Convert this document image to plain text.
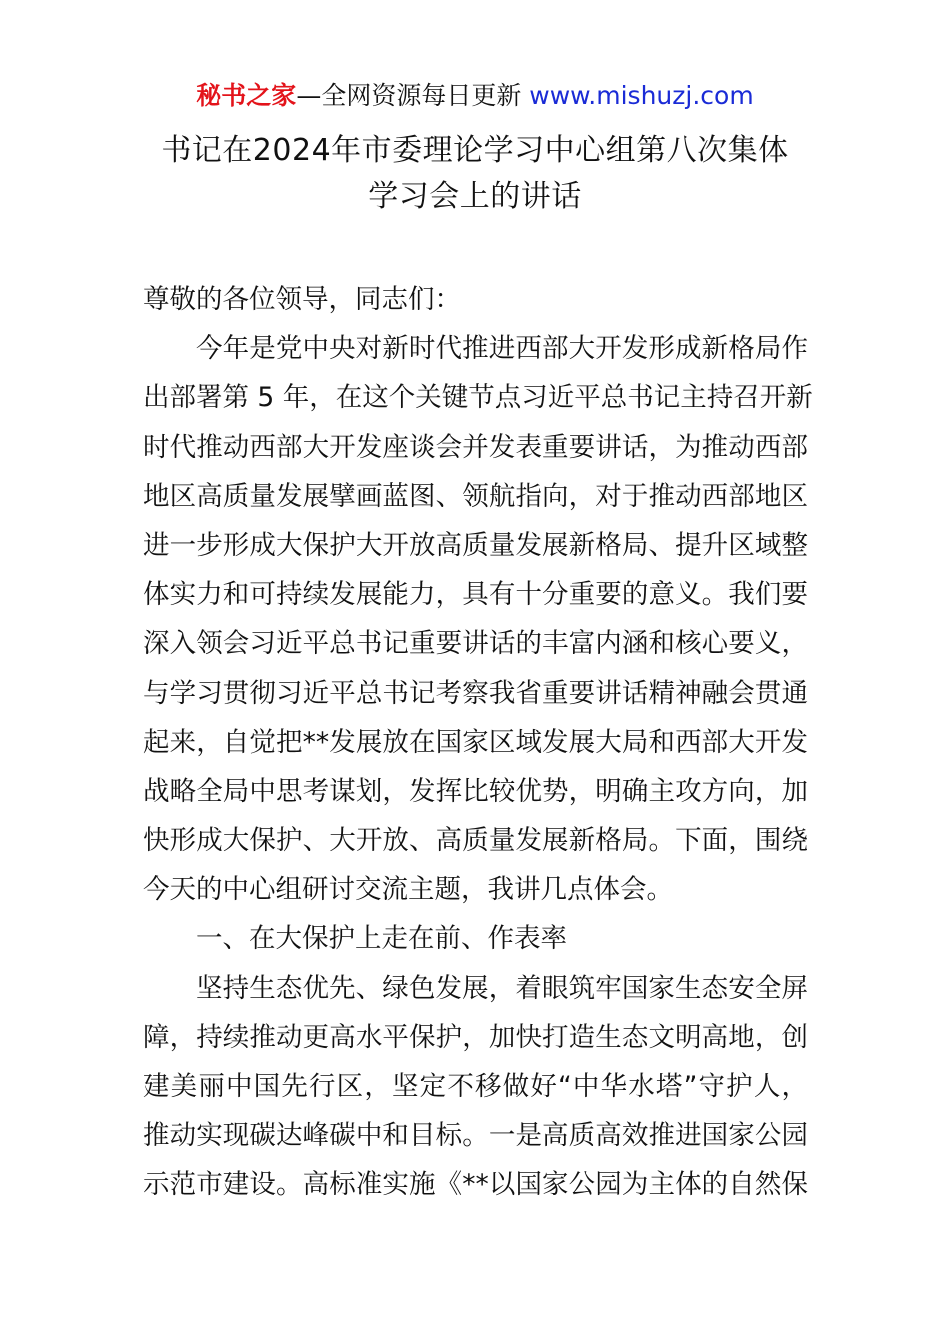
秘书之家—全网资源每日更新 www.mishuzj.com
书记在2024年市委理论学习中心组第八次集体
学习会上的讲话
尊敬的各位领导，同志们：
今年是党中央对新时代推进西部大开发形成新格局作
出部署第 5 年，在这个关键节点习近平总书记主持召开新
时代推动西部大开发座谈会并发表重要讲话，为推动西部
地区高质量发展擘画蓝图、领航指向，对于推动西部地区
进一步形成大保护大开放高质量发展新格局、提升区域整
体实力和可持续发展能力，具有十分重要的意义。我们要
深入领会习近平总书记重要讲话的丰富内涵和核心要义，
与学习贯彻习近平总书记考察我省重要讲话精神融会贯通
起来，自觉把**发展放在国家区域发展大局和西部大开发
战略全局中思考谋划，发挥比较优势，明确主攻方向，加
快形成大保护、大开放、高质量发展新格局。下面，围绕
今天的中心组研讨交流主题，我讲几点体会。
一、在大保护上走在前、作表率
坚持生态优先、绿色发展，着眼筑牢国家生态安全屏
障，持续推动更高水平保护，加快打造生态文明高地，创
建美丽中国先行区，坚定不移做好“中华水塔”守护人，
推动实现碳达峰碳中和目标。一是高质高效推进国家公园
示范市建设。高标准实施《**以国家公园为主体的自然保
